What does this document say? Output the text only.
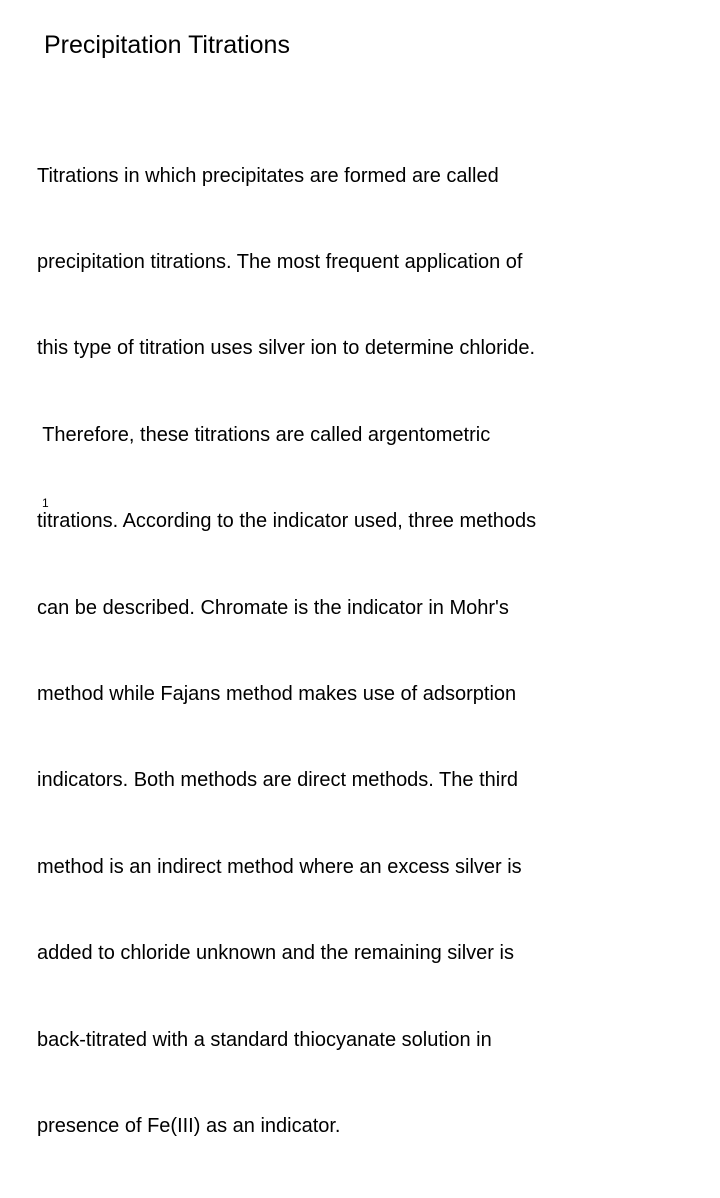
Precipitation Titrations

Titrations in which precipitates are formed are called

precipitation titrations. The most frequent application of

this type of titration uses silver ion to determine chloride.

Therefore, these titrations are called argentometric

titrations. According to the indicator used, three methods

can be described. Chromate is the indicator in Mohr's

method while Fajans method makes use of adsorption

indicators. Both methods are direct methods. The third

method is an indirect method where an excess silver is

added to chloride unknown and the remaining silver is

back-titrated with a standard thiocyanate solution in

presence of Fe(III) as an indicator.

1
